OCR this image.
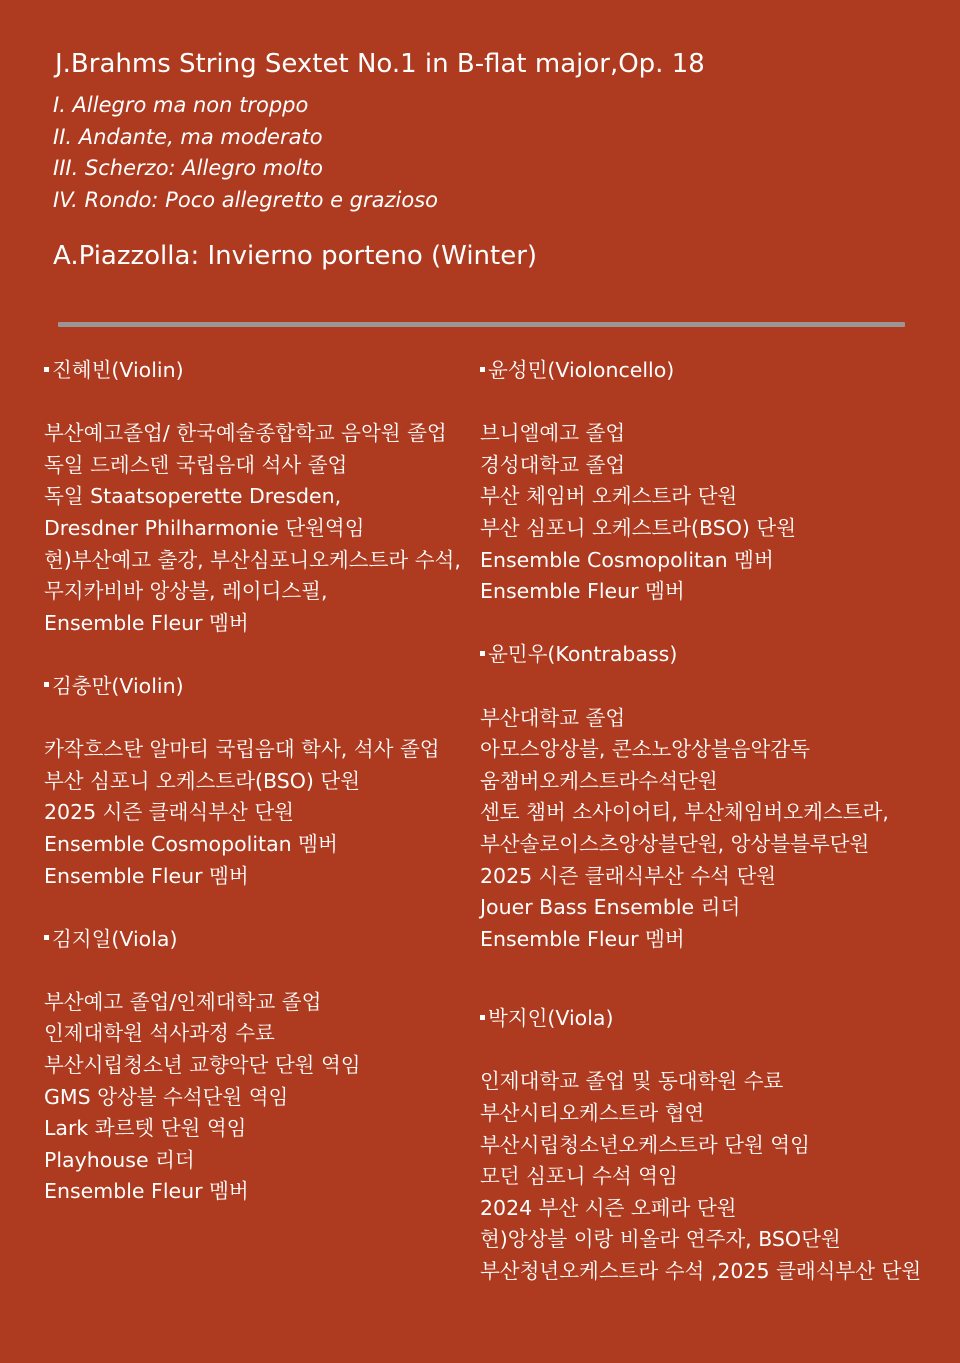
J.Brahms String Sextet No.1 in B-flat major,Op. 18
I. Allegro ma non troppo
II. Andante, ma moderato
III. Scherzo: Allegro molto
IV. Rondo: Poco allegretto e grazioso
A.Piazzolla: Invierno porteno (Winter)
진혜빈(Violin)
부산예고졸업/ 한국예술종합학교 음악원 졸업
독일 드레스덴 국립음대 석사 졸업
독일 Staatsoperette Dresden,
Dresdner Philharmonie 단원역임
현)부산예고 출강, 부산심포니오케스트라 수석,
무지카비바 앙상블, 레이디스필,
Ensemble Fleur 멤버
김충만(Violin)
카작흐스탄 알마티 국립음대 학사, 석사 졸업
부산 심포니 오케스트라(BSO) 단원
2025 시즌 클래식부산 단원
Ensemble Cosmopolitan 멤버
Ensemble Fleur 멤버
김지일(Viola)
부산예고 졸업/인제대학교 졸업
인제대학원 석사과정 수료
부산시립청소년 교향악단 단원 역임
GMS 앙상블 수석단원 역임
Lark 콰르텟 단원 역임
Playhouse 리더
Ensemble Fleur 멤버
윤성민(Violoncello)
브니엘예고 졸업
경성대학교 졸업
부산 체임버 오케스트라 단원
부산 심포니 오케스트라(BSO) 단원
Ensemble Cosmopolitan 멤버
Ensemble Fleur 멤버
윤민우(Kontrabass)
부산대학교 졸업
아모스앙상블, 콘소노앙상블음악감독
움챔버오케스트라수석단원
센토 챔버 소사이어티, 부산체임버오케스트라,
부산솔로이스츠앙상블단원, 앙상블블루단원
2025 시즌 클래식부산 수석 단원
Jouer Bass Ensemble 리더
Ensemble Fleur 멤버
박지인(Viola)
인제대학교 졸업 및 동대학원 수료
부산시티오케스트라 협연
부산시립청소년오케스트라 단원 역임
모던 심포니 수석 역임
2024 부산 시즌 오페라 단원
현)앙상블 이랑 비올라 연주자, BSO단원
부산청년오케스트라 수석 ,2025 클래식부산 단원
